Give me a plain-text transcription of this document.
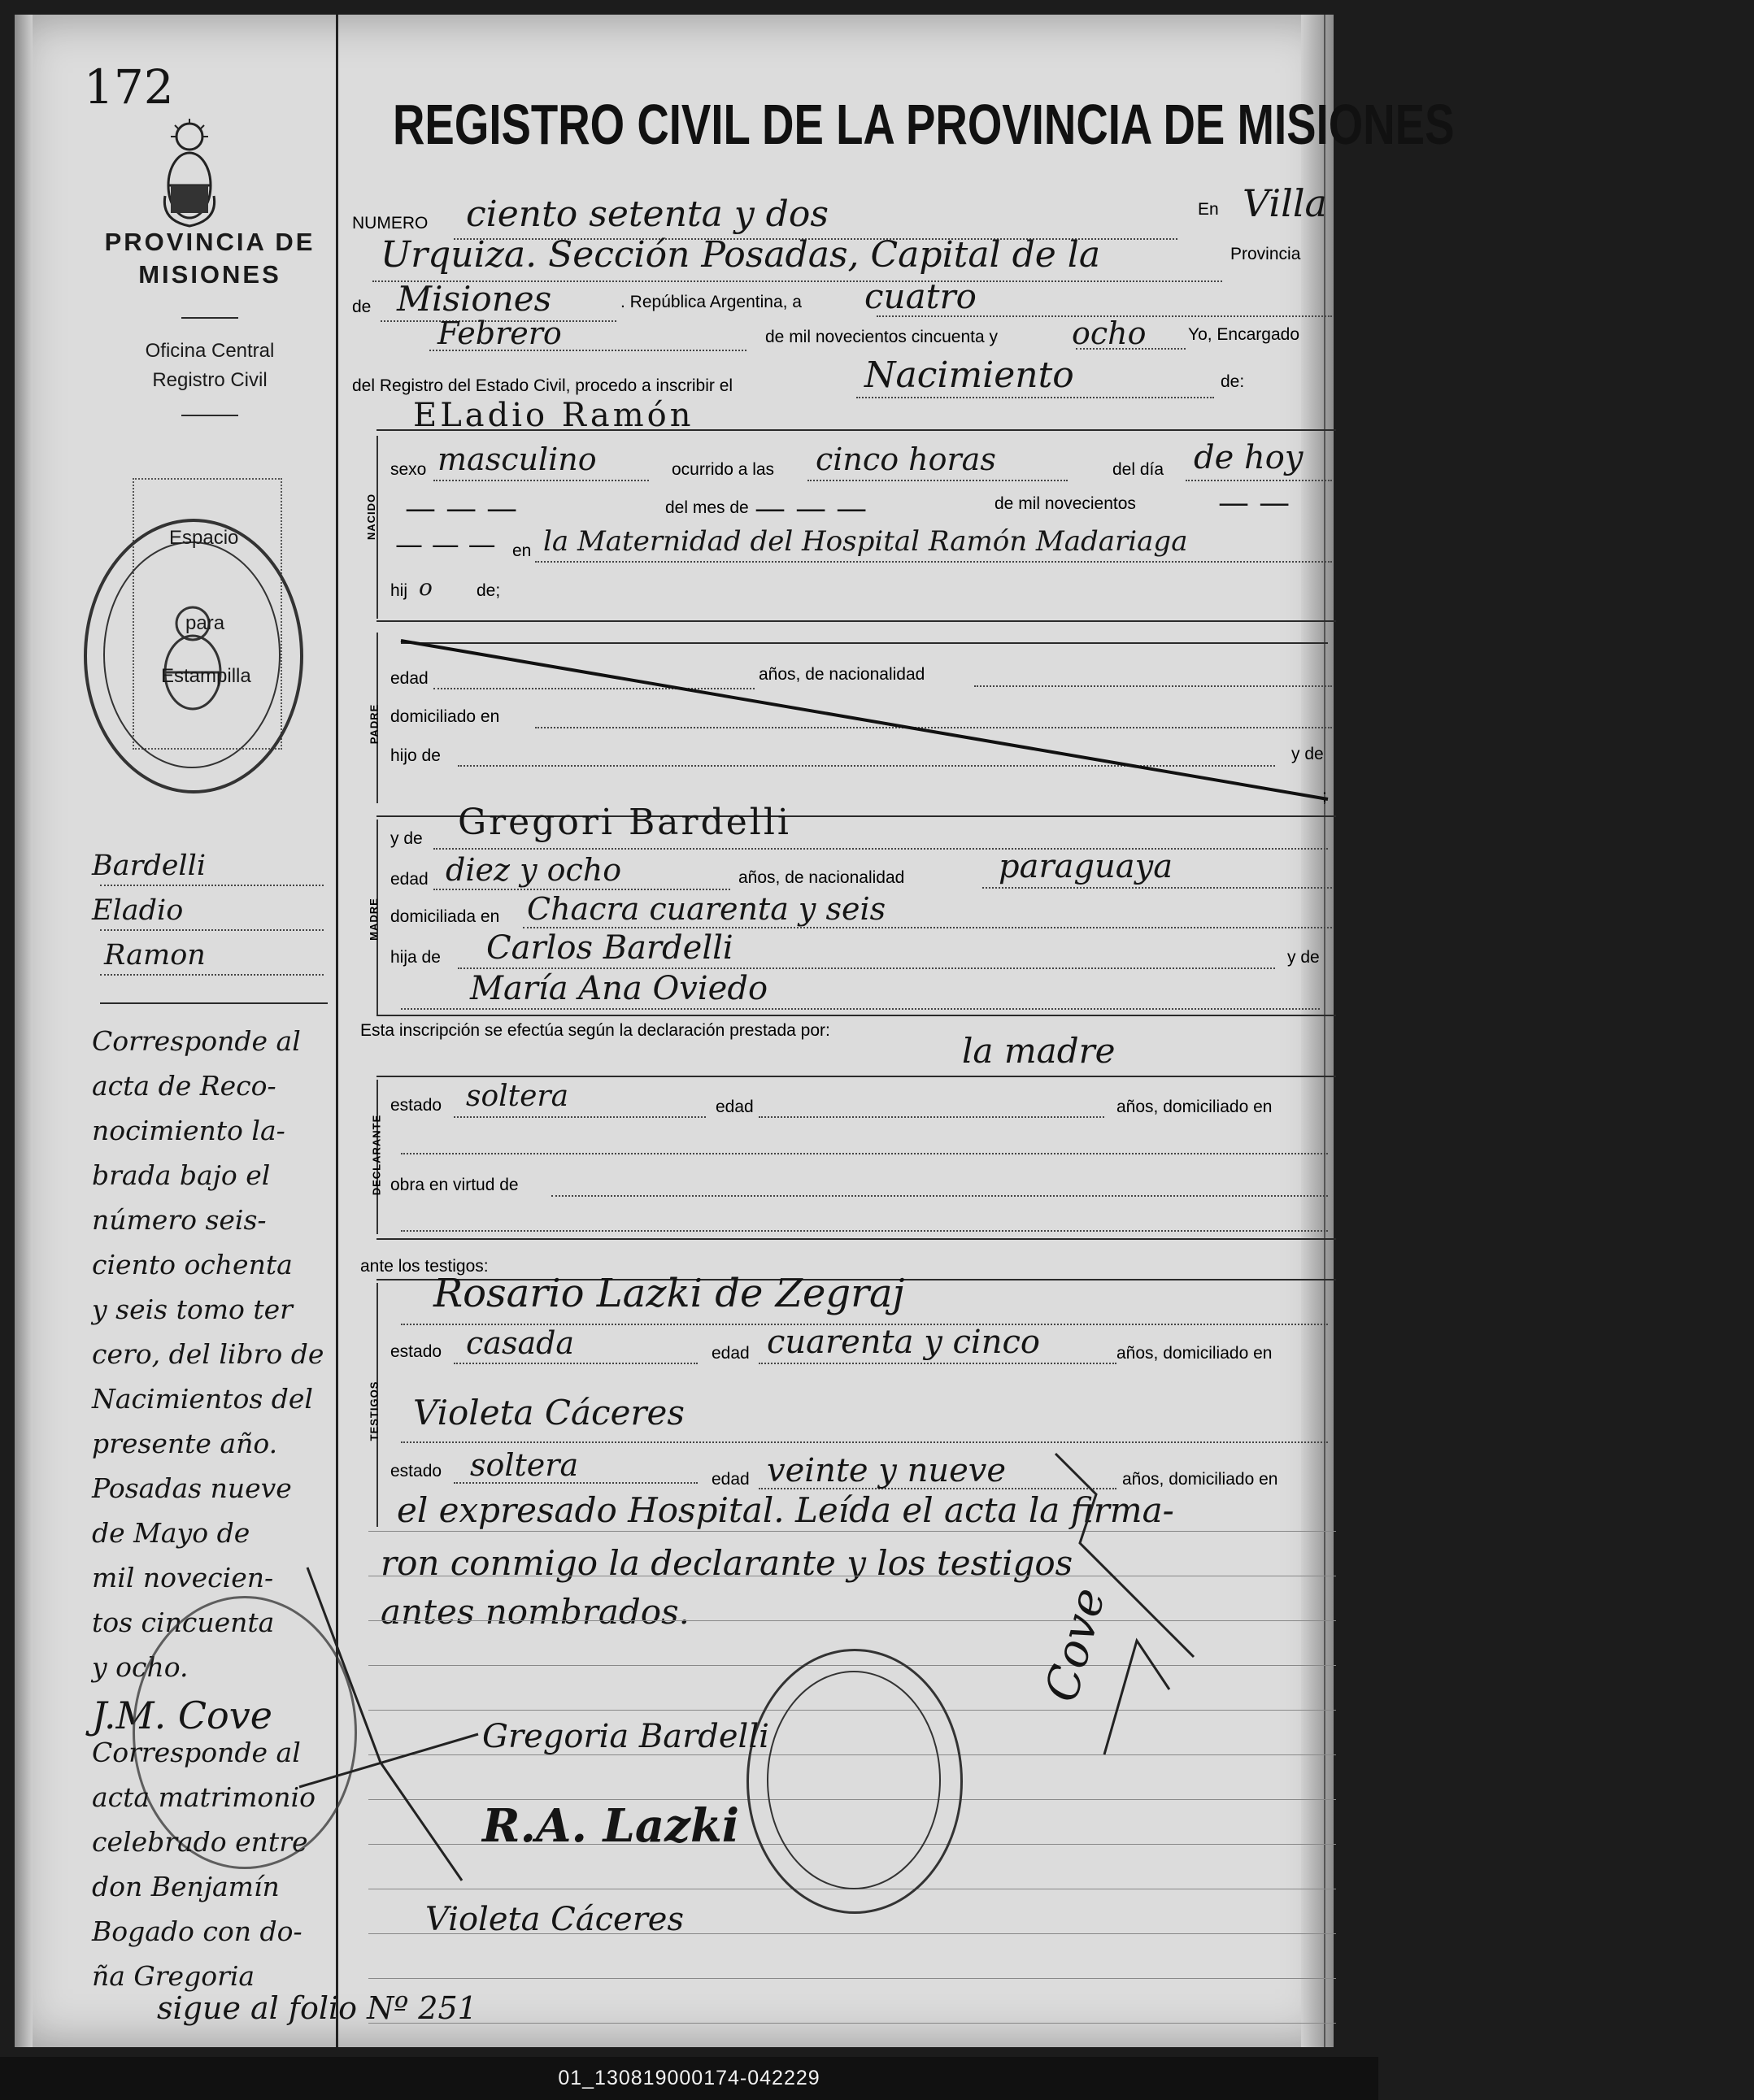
172
PROVINCIA DE
MISIONES
Oficina Central
Registro Civil
Espacio
para
Estampilla
Bardelli
Eladio
Ramon
Corresponde al
acta de Reco-
nocimiento la-
brada bajo el
número seis-
ciento ochenta
y seis tomo ter
cero, del libro de
Nacimientos del
presente año.
Posadas nueve
de Mayo de
mil novecien-
tos cincuenta
y ocho.
J.M. Cove
Corresponde al
acta matrimonio
celebrado entre
don Benjamín
Bogado con do-
ña Gregoria
sigue al folio Nº 251
REGISTRO CIVIL DE LA PROVINCIA DE MISIONES
NUMERO ciento setenta y dos	En Villa
Urquiza. Sección Posadas, Capital de la	Provincia
de Misiones	. República Argentina, a cuatro
Febrero	de mil novecientos cincuenta y ocho Yo, Encargado
del Registro del Estado Civil, procedo a inscribir el	Nacimiento	de:
ELadio Ramón
NACIDO
sexo masculino	ocurrido a las cinco horas	del día de hoy
— — —	del mes de — — —	de mil novecientos	— —
— — — en la Maternidad del Hospital Ramón Madariaga
hij o	de;
PADRE
edad	años, de nacionalidad
domiciliado en
hijo de	y de
;
MADRE
y de Gregori Bardelli
edad diez y ocho	años, de nacionalidad	paraguaya
domiciliada en Chacra cuarenta y seis
hija de Carlos Bardelli	y de
María Ana Oviedo
Esta inscripción se efectúa según la declaración prestada por:
la madre
DECLARANTE
estado soltera	edad	años, domiciliado en
obra en virtud de
ante los testigos:
TESTIGOS
Rosario Lazki de Zegraj
estado casada	edad cuarenta y cinco	años, domiciliado en
Violeta Cáceres
estado soltera	edad veinte y nueve	años, domiciliado en
el expresado Hospital. Leída el acta la firma-
ron conmigo la declarante y los testigos
antes nombrados.
Gregoria Bardelli
R.A. Lazki
Violeta Cáceres
Cove
01_130819000174-042229
